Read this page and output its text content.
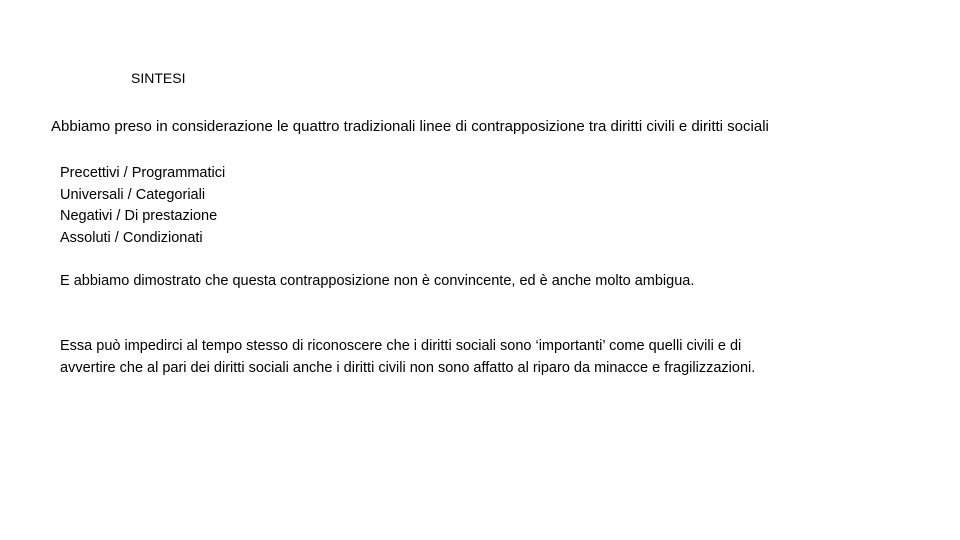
SINTESI
Abbiamo preso in considerazione le quattro tradizionali linee di contrapposizione tra diritti civili e diritti sociali
Precettivi / Programmatici
Universali / Categoriali
Negativi / Di prestazione
Assoluti / Condizionati

E abbiamo dimostrato che questa contrapposizione non è convincente, ed è anche molto ambigua.

Essa può impedirci al tempo stesso di riconoscere che i diritti sociali sono ‘importanti’ come quelli civili e di avvertire che al pari dei diritti sociali anche i diritti civili non sono affatto al riparo da minacce e fragilizzazioni.
